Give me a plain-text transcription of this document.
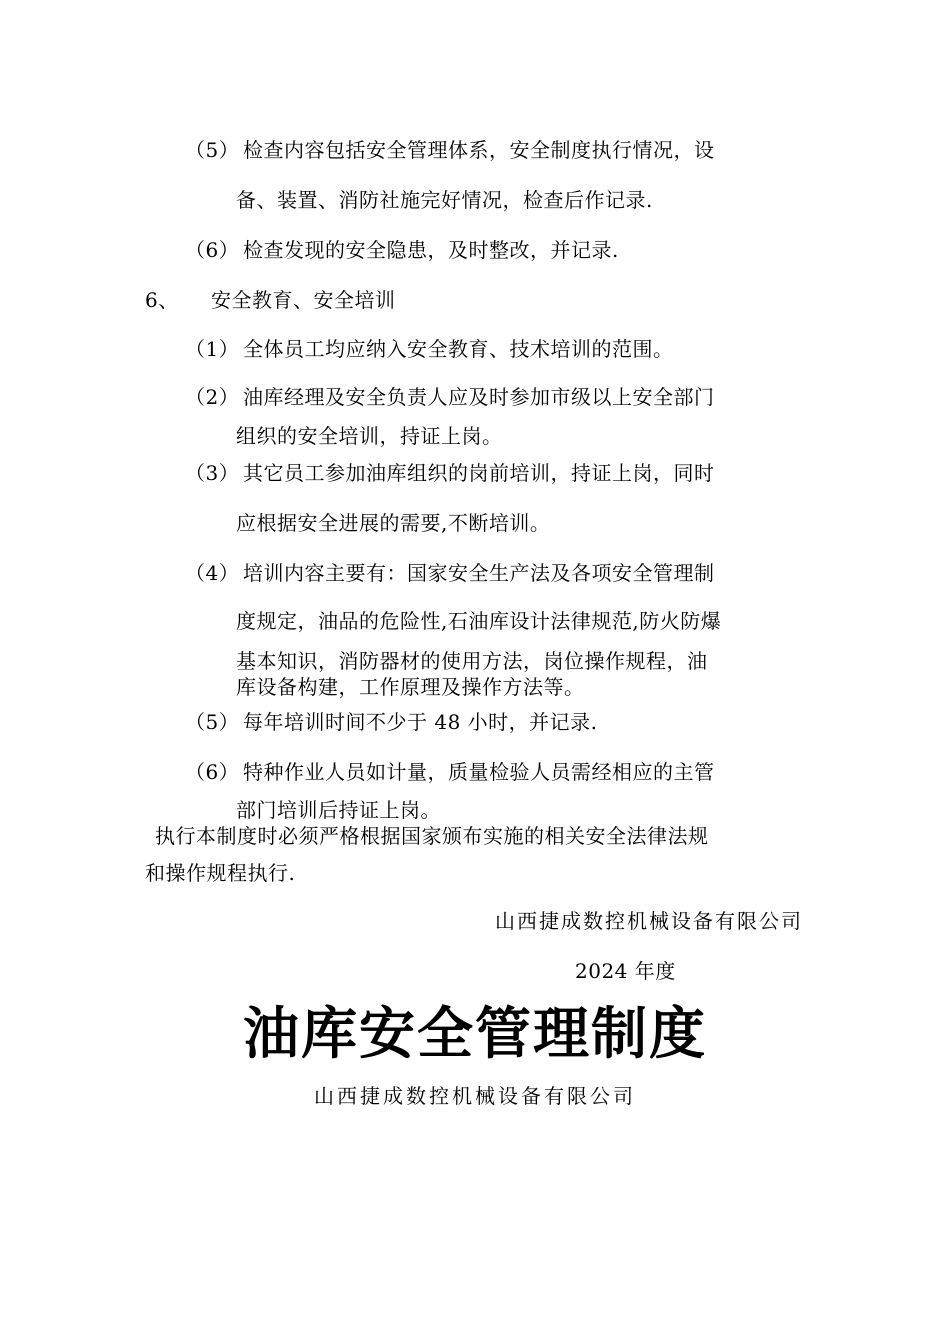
（5） 检查内容包括安全管理体系，安全制度执行情况，设
备、装置、消防社施完好情况，检查后作记录.
（6） 检查发现的安全隐患，及时整改，并记录.
6、 安全教育、安全培训
（1） 全体员工均应纳入安全教育、技术培训的范围。
（2） 油库经理及安全负责人应及时参加市级以上安全部门
组织的安全培训，持证上岗。
（3） 其它员工参加油库组织的岗前培训，持证上岗，同时
应根据安全进展的需要,不断培训。
（4） 培训内容主要有：国家安全生产法及各项安全管理制
度规定，油品的危险性,石油库设计法律规范,防火防爆
基本知识，消防器材的使用方法，岗位操作规程，油
库设备构建，工作原理及操作方法等。
（5） 每年培训时间不少于 48 小时，并记录.
（6） 特种作业人员如计量，质量检验人员需经相应的主管
部门培训后持证上岗。
执行本制度时必须严格根据国家颁布实施的相关安全法律法规
和操作规程执行.
山西捷成数控机械设备有限公司
2024 年度
油库安全管理制度
山西捷成数控机械设备有限公司
